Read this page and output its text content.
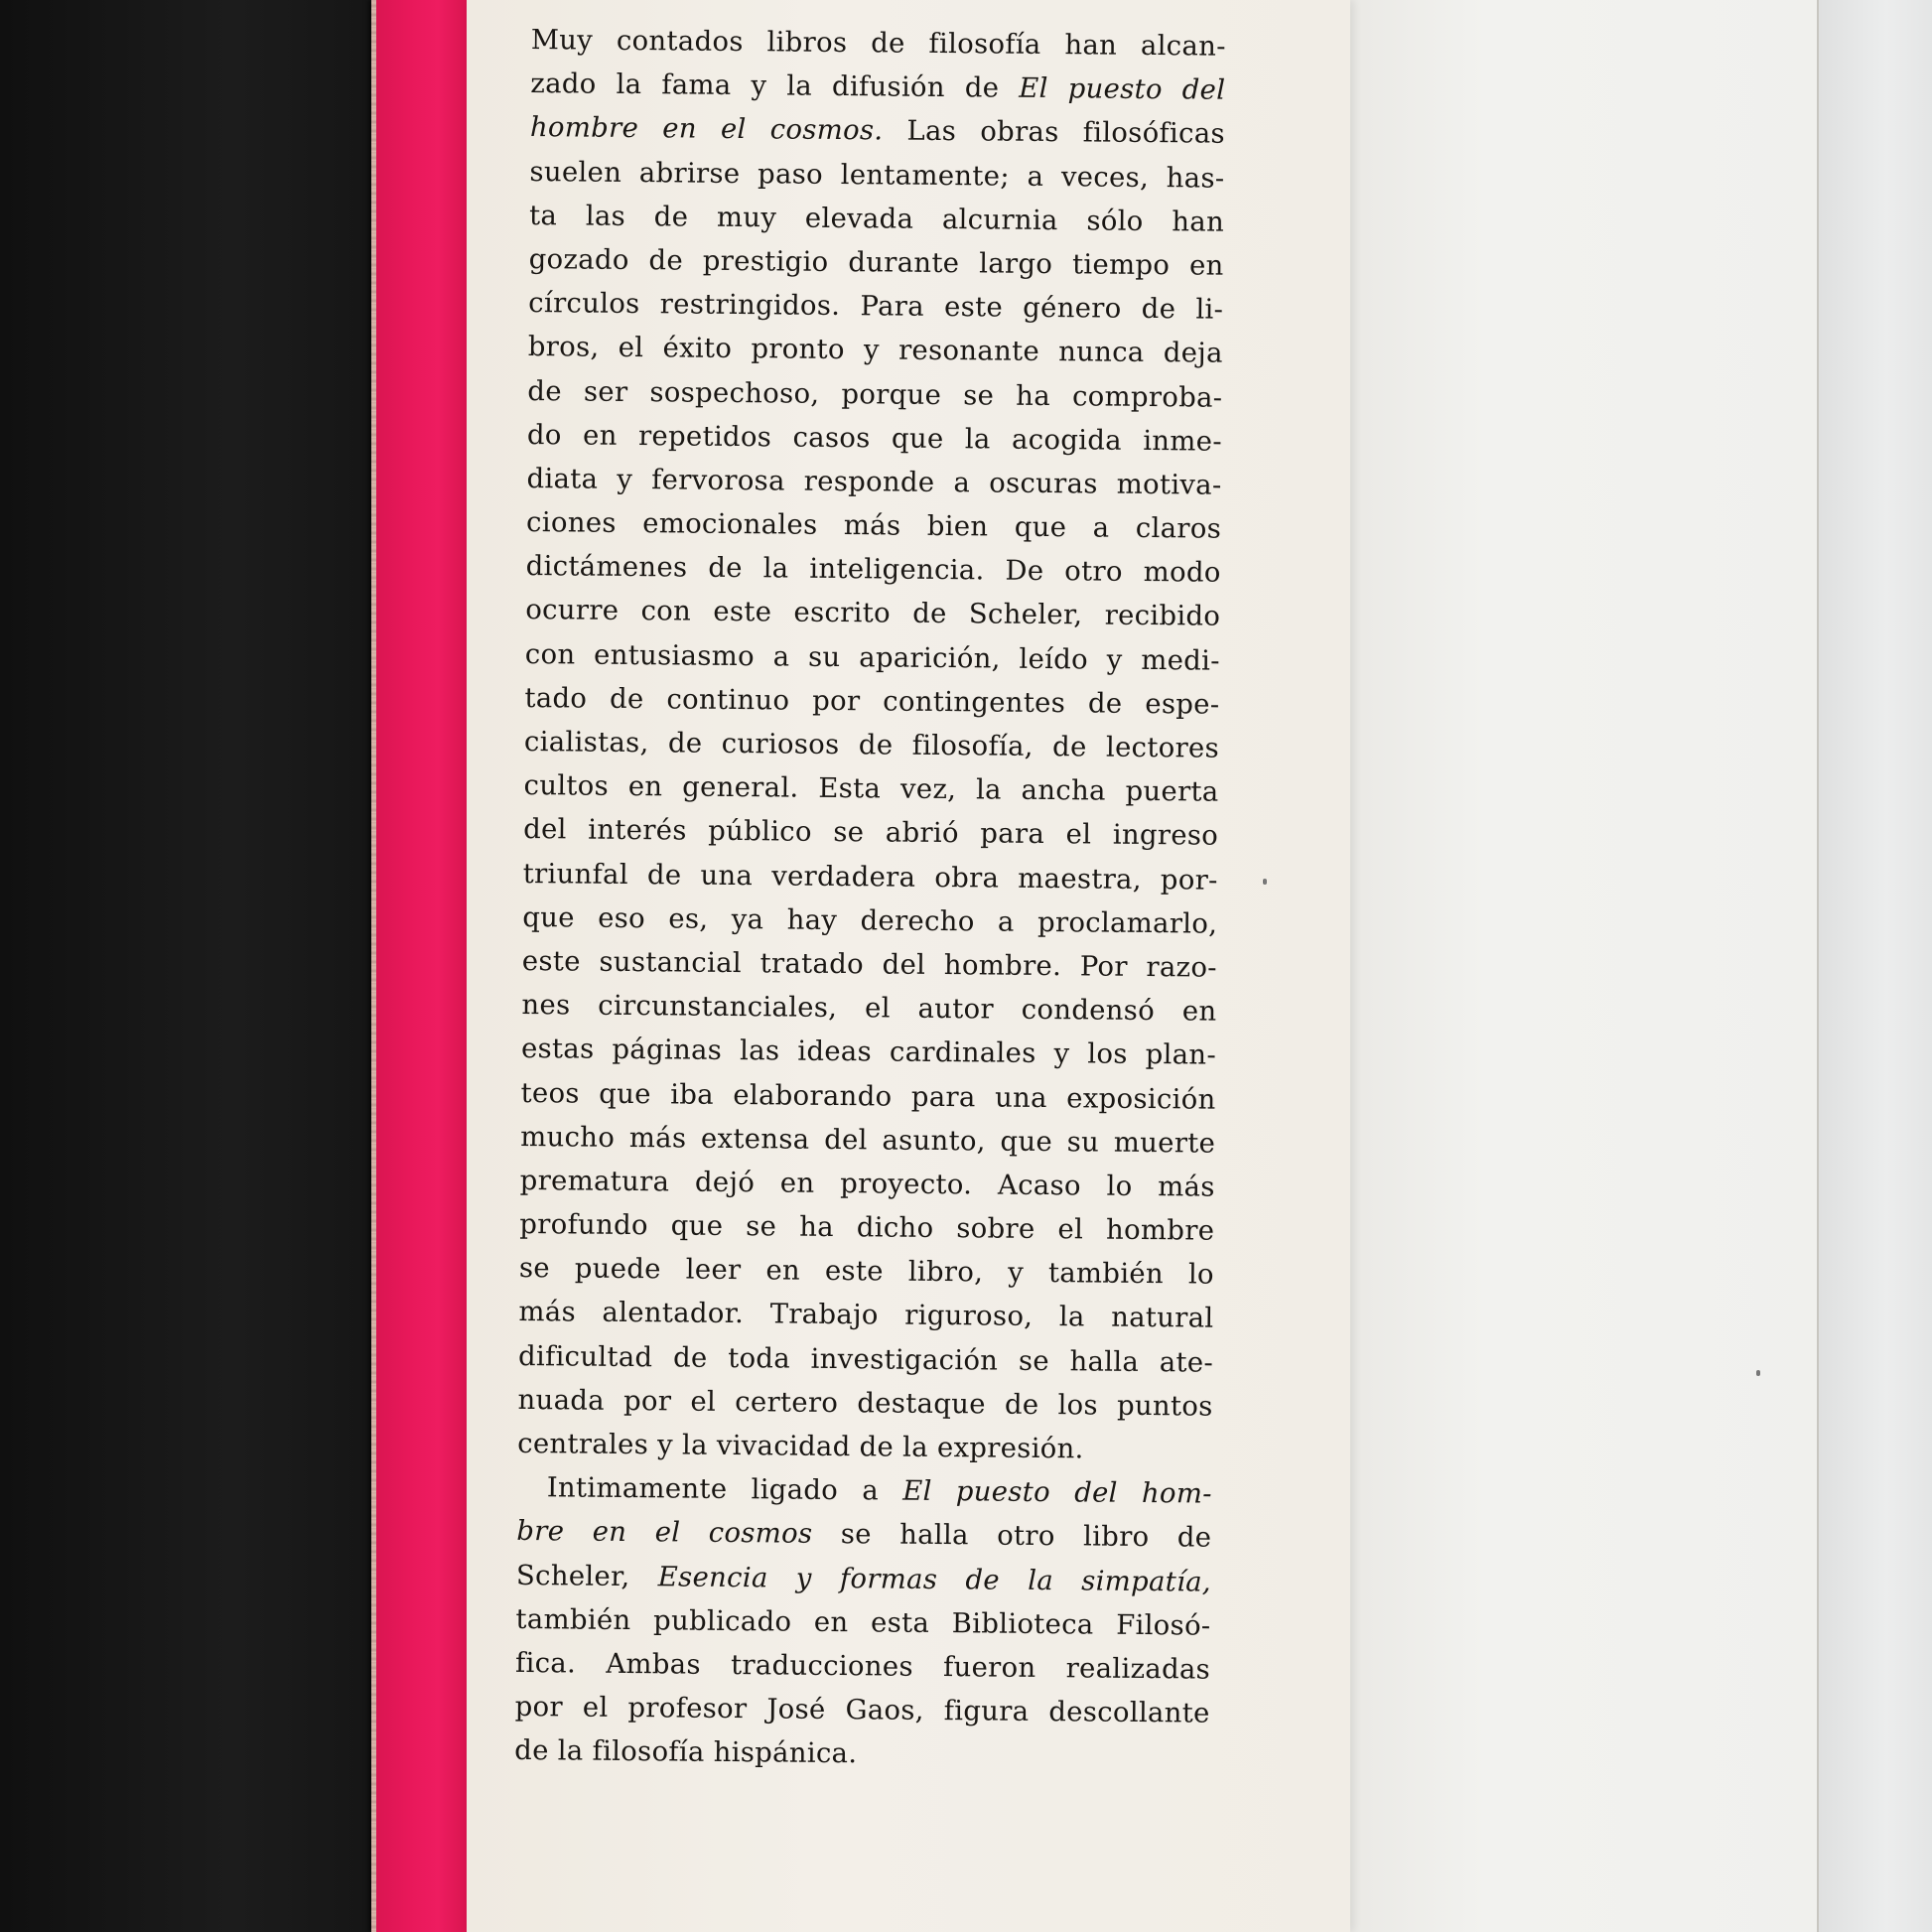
Muy contados libros de filosofía han alcan-
zado la fama y la difusión de El puesto del
hombre en el cosmos. Las obras filosóficas
suelen abrirse paso lentamente; a veces, has-
ta las de muy elevada alcurnia sólo han
gozado de prestigio durante largo tiempo en
círculos restringidos. Para este género de li-
bros, el éxito pronto y resonante nunca deja
de ser sospechoso, porque se ha comproba-
do en repetidos casos que la acogida inme-
diata y fervorosa responde a oscuras motiva-
ciones emocionales más bien que a claros
dictámenes de la inteligencia. De otro modo
ocurre con este escrito de Scheler, recibido
con entusiasmo a su aparición, leído y medi-
tado de continuo por contingentes de espe-
cialistas, de curiosos de filosofía, de lectores
cultos en general. Esta vez, la ancha puerta
del interés público se abrió para el ingreso
triunfal de una verdadera obra maestra, por-
que eso es, ya hay derecho a proclamarlo,
este sustancial tratado del hombre. Por razo-
nes circunstanciales, el autor condensó en
estas páginas las ideas cardinales y los plan-
teos que iba elaborando para una exposición
mucho más extensa del asunto, que su muerte
prematura dejó en proyecto. Acaso lo más
profundo que se ha dicho sobre el hombre
se puede leer en este libro, y también lo
más alentador. Trabajo riguroso, la natural
dificultad de toda investigación se halla ate-
nuada por el certero destaque de los puntos
centrales y la vivacidad de la expresión.
Intimamente ligado a El puesto del hom-
bre en el cosmos se halla otro libro de
Scheler, Esencia y formas de la simpatía,
también publicado en esta Biblioteca Filosó-
fica. Ambas traducciones fueron realizadas
por el profesor José Gaos, figura descollante
de la filosofía hispánica.
